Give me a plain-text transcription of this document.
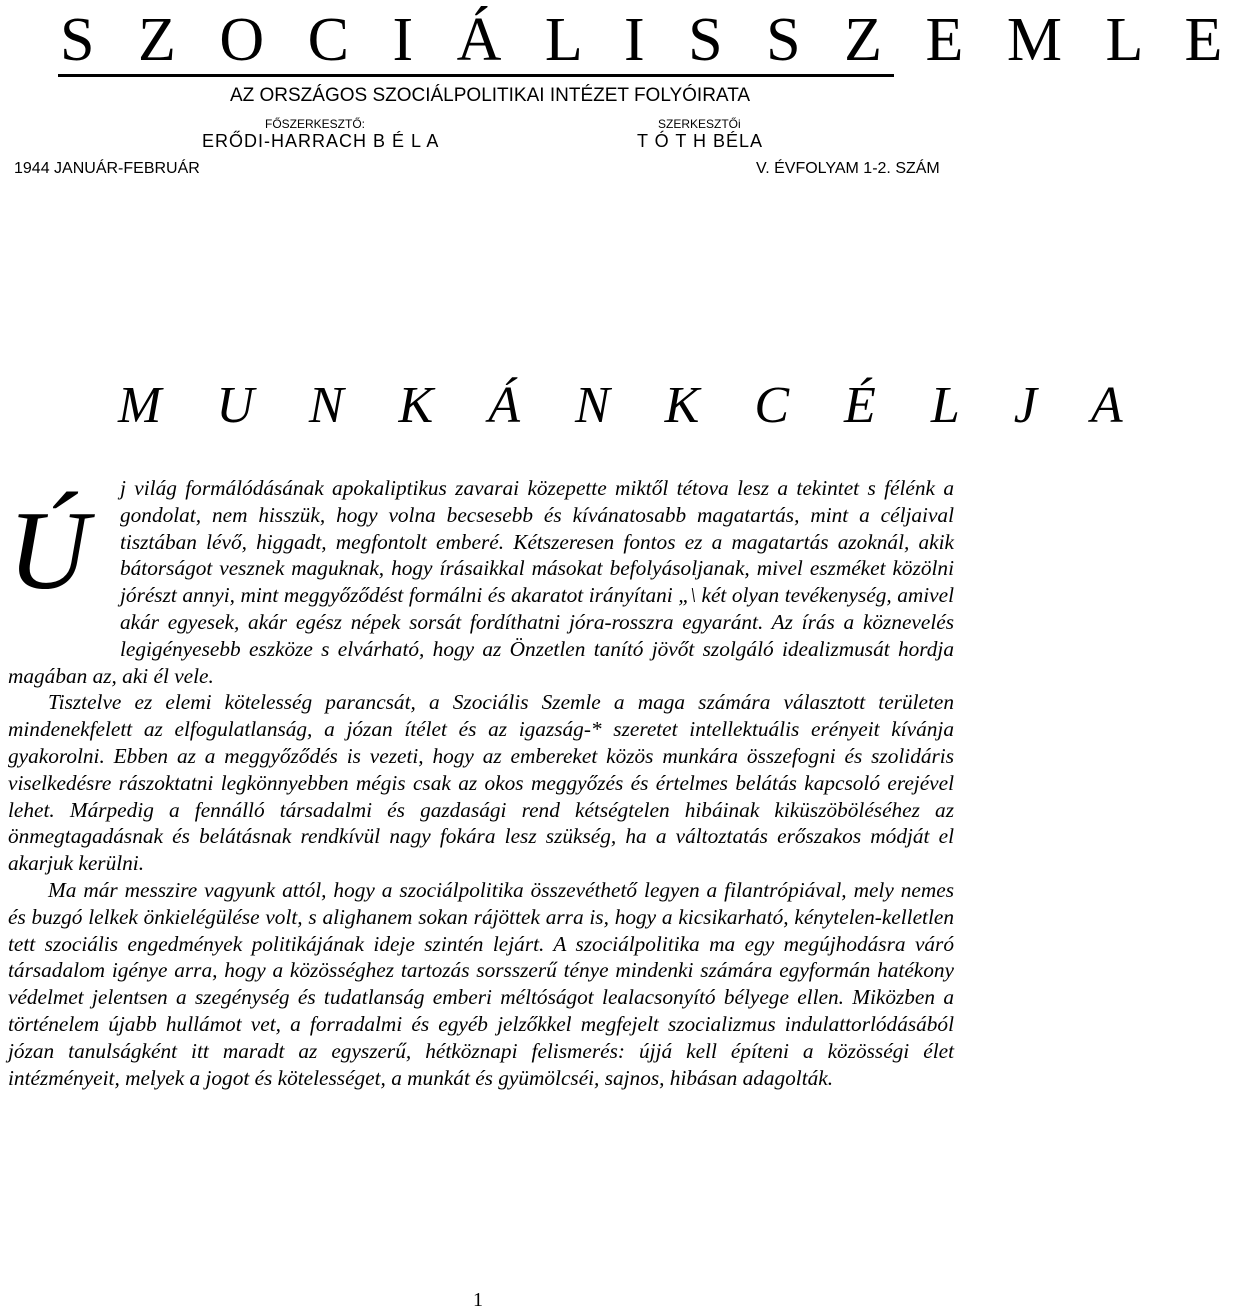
S Z O C I Á L I S S Z E M L E
AZ ORSZÁGOS SZOCIÁLPOLITIKAI INTÉZET FOLYÓIRATA
FŐSZERKESZTŐ:
ERŐDI-HARRACH B É L A
SZERKESZTŐi
T Ó T H BÉLA
1944 JANUÁR-FEBRUÁR	V. ÉVFOLYAM 1-2. SZÁM
M U N K Á N K C É L J A

Ú
j világ formálódásának apokaliptikus zavarai közepette miktől tétova lesz a tekintet s félénk a gondolat, nem hisszük, hogy volna becsesebb és kívánatosabb magatartás, mint a céljaival tisztában lévő, higgadt, megfontolt emberé. Kétszeresen fontos ez a magatartás azoknál, akik bátorságot vesznek maguknak, hogy írásaikkal másokat befolyásoljanak, mivel eszméket közölni jórészt annyi, mint meggyőződést formálni és akaratot irányítani „\ két olyan tevékenység, amivel akár egyesek, akár egész népek sorsát fordíthatni jóra-rosszra egyaránt. Az írás a köznevelés legigényesebb eszköze s elvárható, hogy az Önzetlen tanító jövőt szolgáló idealizmusát hordja magában az, aki él vele.

Tisztelve ez elemi kötelesség parancsát, a Szociális Szemle a maga számára választott területen mindenekfelett az elfogulatlanság, a józan ítélet és az igazság-* szeretet intellektuális erényeit kívánja gyakorolni. Ebben az a meggyőződés is vezeti, hogy az embereket közös munkára összefogni és szolidáris viselkedésre rászoktatni legkönnyebben mégis csak az okos meggyőzés és értelmes belátás kapcsoló erejével lehet. Márpedig a fennálló társadalmi és gazdasági rend kétségtelen hibáinak kiküszöböléséhez az önmegtagadásnak és belátásnak rendkívül nagy fokára lesz szükség, ha a változtatás erőszakos módját el akarjuk kerülni.

Ma már messzire vagyunk attól, hogy a szociálpolitika összevéthető legyen a filantrópiával, mely nemes és buzgó lelkek önkielégülése volt, s alighanem sokan rájöttek arra is, hogy a kicsikarható, kénytelen-kelletlen tett szociális engedmények politikájának ideje szintén lejárt. A szociálpolitika ma egy megújhodásra váró társadalom igénye arra, hogy a közösséghez tartozás sorsszerű ténye mindenki számára egyformán hatékony védelmet jelentsen a szegénység és tudatlanság emberi méltóságot lealacsonyító bélyege ellen. Miközben a történelem újabb hullámot vet, a forradalmi és egyéb jelzőkkel megfejelt szocializmus indulattorlódásából józan tanulságként itt maradt az egyszerű, hétköznapi felismerés: újjá kell építeni a közösségi élet intézményeit, melyek a jogot és kötelességet, a munkát és gyümölcséi, sajnos, hibásan adagolták.

1
